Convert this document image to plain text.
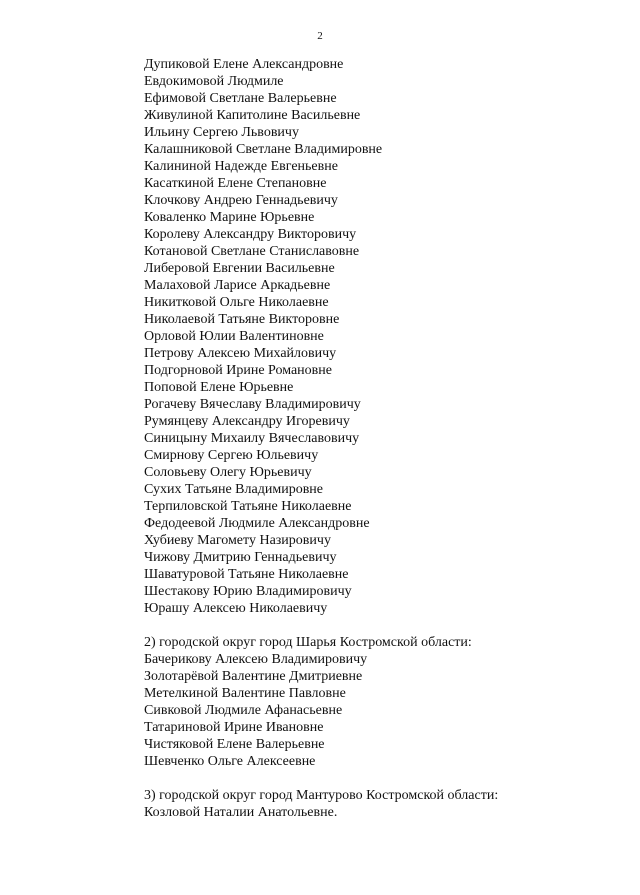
2
Дупиковой Елене Александровне
Евдокимовой Людмиле
Ефимовой Светлане Валерьевне
Живулиной Капитолине Васильевне
Ильину Сергею Львовичу
Калашниковой Светлане Владимировне
Калининой Надежде Евгеньевне
Касаткиной Елене Степановне
Клочкову Андрею Геннадьевичу
Коваленко Марине Юрьевне
Королеву Александру Викторовичу
Котановой Светлане Станиславовне
Либеровой Евгении Васильевне
Малаховой Ларисе Аркадьевне
Никитковой Ольге Николаевне
Николаевой Татьяне Викторовне
Орловой Юлии Валентиновне
Петрову Алексею Михайловичу
Подгорновой Ирине Романовне
Поповой Елене Юрьевне
Рогачеву Вячеславу Владимировичу
Румянцеву Александру Игоревичу
Синицыну Михаилу Вячеславовичу
Смирнову Сергею Юльевичу
Соловьеву Олегу Юрьевичу
Сухих Татьяне Владимировне
Терпиловской Татьяне Николаевне
Федодеевой Людмиле Александровне
Хубиеву Магомету Назировичу
Чижову Дмитрию Геннадьевичу
Шаватуровой Татьяне Николаевне
Шестакову Юрию Владимировичу
Юрашу Алексею Николаевичу
2) городской округ город Шарья Костромской области:
Бачерикову Алексею Владимировичу
Золотарёвой Валентине Дмитриевне
Метелкиной Валентине Павловне
Сивковой Людмиле Афанасьевне
Татариновой Ирине Ивановне
Чистяковой Елене Валерьевне
Шевченко Ольге Алексеевне
3) городской округ город Мантурово Костромской области:
Козловой Наталии Анатольевне.
